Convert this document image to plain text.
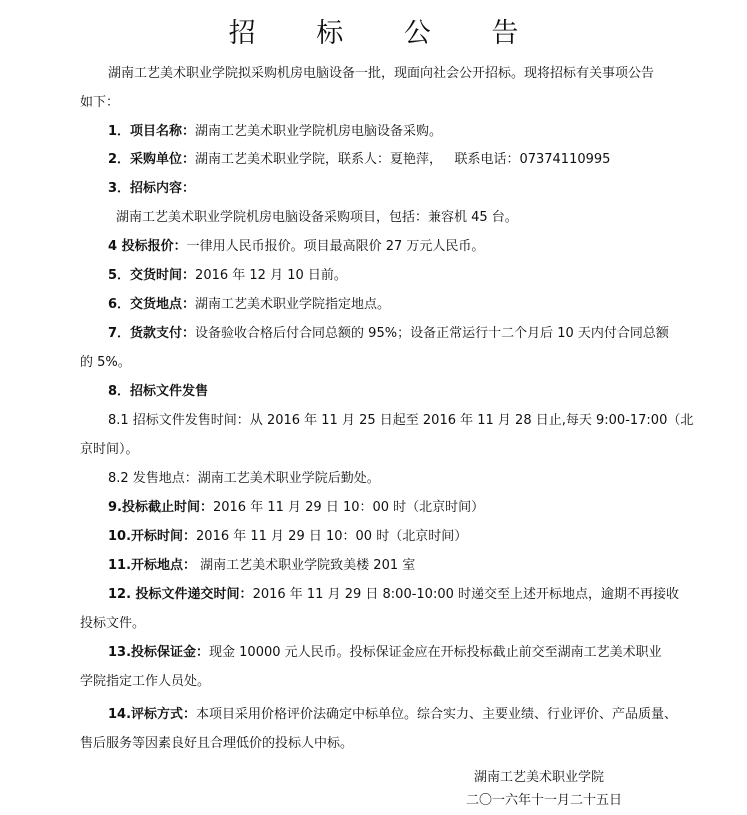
招 标 公 告

湖南工艺美术职业学院拟采购机房电脑设备一批，现面向社会公开招标。现将招标有关事项公告

如下：

1．项目名称：湖南工艺美术职业学院机房电脑设备采购。

2．采购单位：湖南工艺美术职业学院，联系人：夏艳萍，   联系电话：07374110995

3．招标内容：

湖南工艺美术职业学院机房电脑设备采购项目，包括：兼容机 45 台。

4 投标报价：一律用人民币报价。项目最高限价 27 万元人民币。

5．交货时间：2016 年 12 月 10 日前。

6．交货地点：湖南工艺美术职业学院指定地点。

7．货款支付：设备验收合格后付合同总额的 95%；设备正常运行十二个月后 10 天内付合同总额

的 5%。

8．招标文件发售

8.1 招标文件发售时间：从 2016 年 11 月 25 日起至 2016 年 11 月 28 日止,每天 9:00-17:00（北

京时间）。

8.2 发售地点：湖南工艺美术职业学院后勤处。

9.投标截止时间：2016 年 11 月 29 日 10：00 时（北京时间）

10.开标时间：2016 年 11 月 29 日 10：00 时（北京时间）

11.开标地点： 湖南工艺美术职业学院致美楼 201 室

12. 投标文件递交时间：2016 年 11 月 29 日 8:00-10:00 时递交至上述开标地点，逾期不再接收

投标文件。

13.投标保证金：现金 10000 元人民币。投标保证金应在开标投标截止前交至湖南工艺美术职业

学院指定工作人员处。

14.评标方式：本项目采用价格评价法确定中标单位。综合实力、主要业绩、行业评价、产品质量、

售后服务等因素良好且合理低价的投标人中标。

湖南工艺美术职业学院
二〇一六年十一月二十五日
